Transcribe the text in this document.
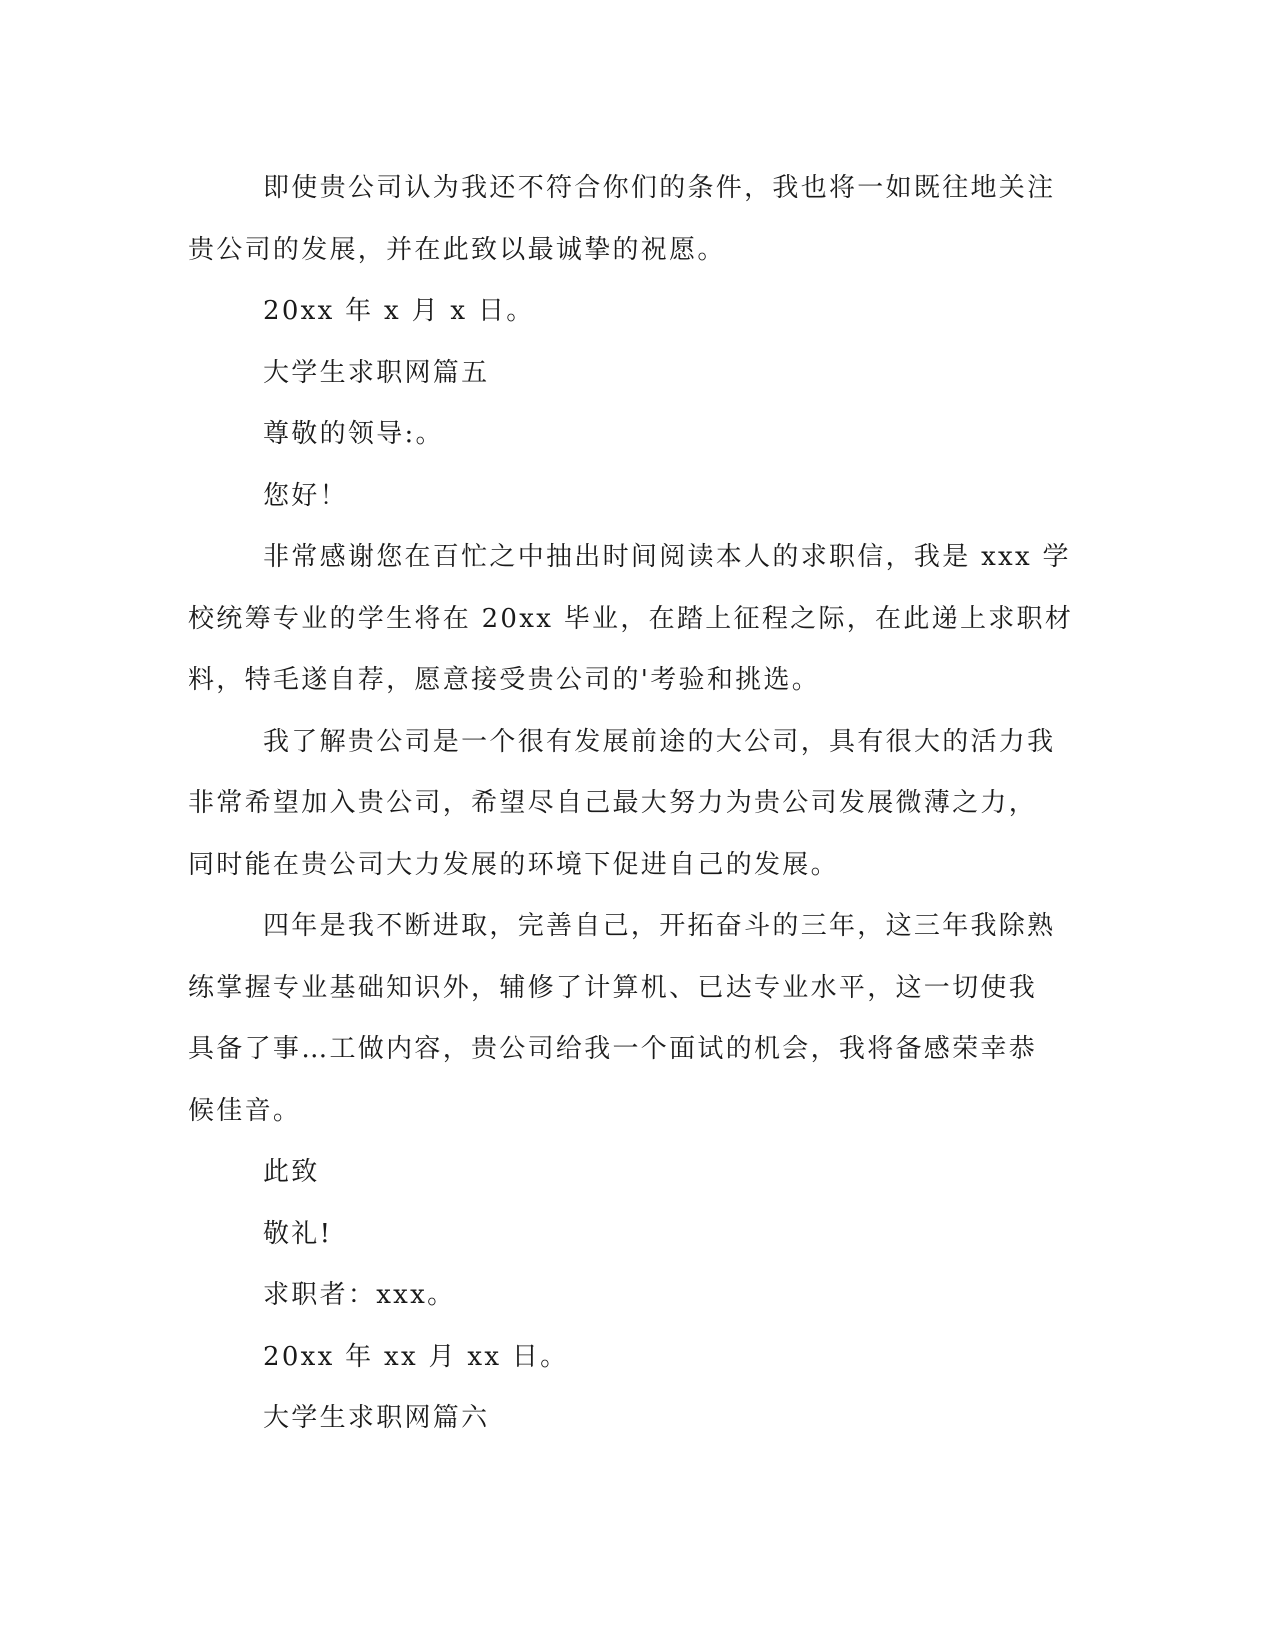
即使贵公司认为我还不符合你们的条件，我也将一如既往地关注
贵公司的发展，并在此致以最诚挚的祝愿。
20xx 年 x 月 x 日。
大学生求职网篇五
尊敬的领导:。
您好！
非常感谢您在百忙之中抽出时间阅读本人的求职信，我是 xxx 学
校统筹专业的学生将在 20xx 毕业，在踏上征程之际，在此递上求职材
料，特毛遂自荐，愿意接受贵公司的'考验和挑选。
我了解贵公司是一个很有发展前途的大公司，具有很大的活力我
非常希望加入贵公司，希望尽自己最大努力为贵公司发展微薄之力，
同时能在贵公司大力发展的环境下促进自己的发展。
四年是我不断进取，完善自己，开拓奋斗的三年，这三年我除熟
练掌握专业基础知识外，辅修了计算机、已达专业水平，这一切使我
具备了事…工做内容，贵公司给我一个面试的机会，我将备感荣幸恭
候佳音。
此致
敬礼!
求职者：xxx。
20xx 年 xx 月 xx 日。
大学生求职网篇六
